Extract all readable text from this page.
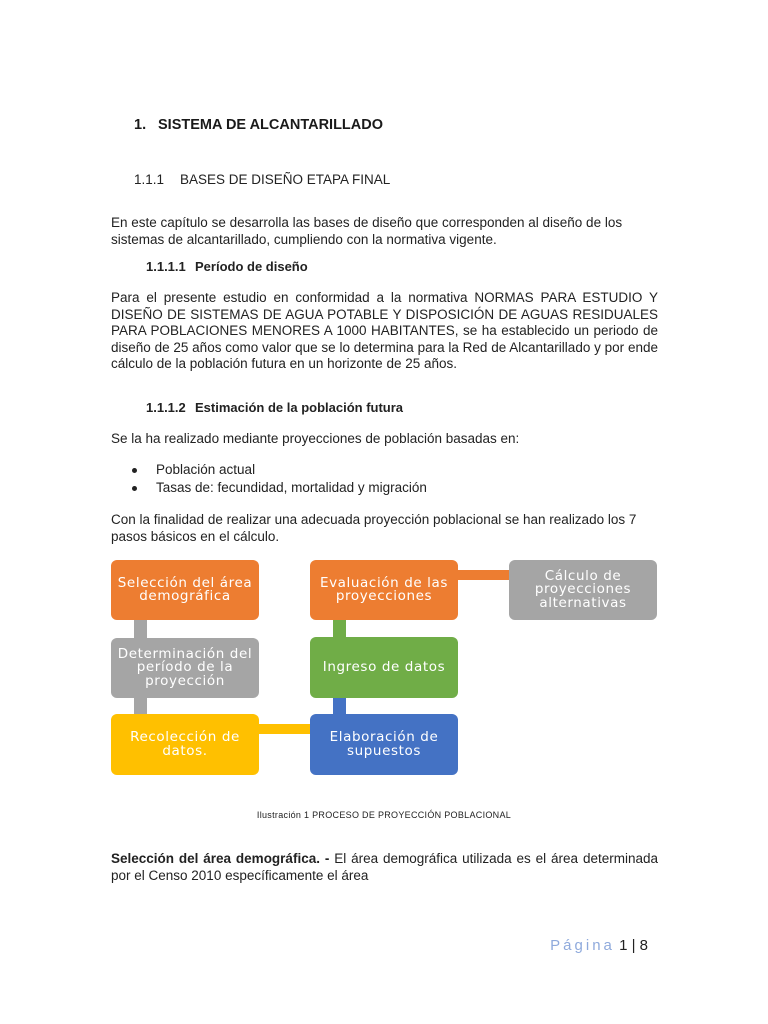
1. SISTEMA DE ALCANTARILLADO
1.1.1 BASES DE DISEÑO ETAPA FINAL
En este capítulo se desarrolla las bases de diseño que corresponden al diseño de los sistemas de alcantarillado, cumpliendo con la normativa vigente.
1.1.1.1 Período de diseño
Para el presente estudio en conformidad a la normativa NORMAS PARA ESTUDIO Y DISEÑO DE SISTEMAS DE AGUA POTABLE Y DISPOSICIÓN DE AGUAS RESIDUALES PARA POBLACIONES MENORES A 1000 HABITANTES, se ha establecido un periodo de diseño de 25 años como valor que se lo determina para la Red de Alcantarillado y por ende cálculo de la población futura en un horizonte de 25 años.
1.1.1.2 Estimación de la población futura
Se la ha realizado mediante proyecciones de población basadas en:
Población actual
Tasas de: fecundidad, mortalidad y migración
Con la finalidad de realizar una adecuada proyección poblacional se han realizado los 7 pasos básicos en el cálculo.
Selección del área demográfica
Determinación del período de la proyección
Recolección de datos.
Evaluación de las proyecciones
Ingreso de datos
Elaboración de supuestos
Cálculo de proyecciones alternativas
Ilustración 1 PROCESO DE PROYECCIÓN POBLACIONAL
Selección del área demográfica. - El área demográfica utilizada es el área determinada por el Censo 2010 específicamente el área
Página 1 | 8
